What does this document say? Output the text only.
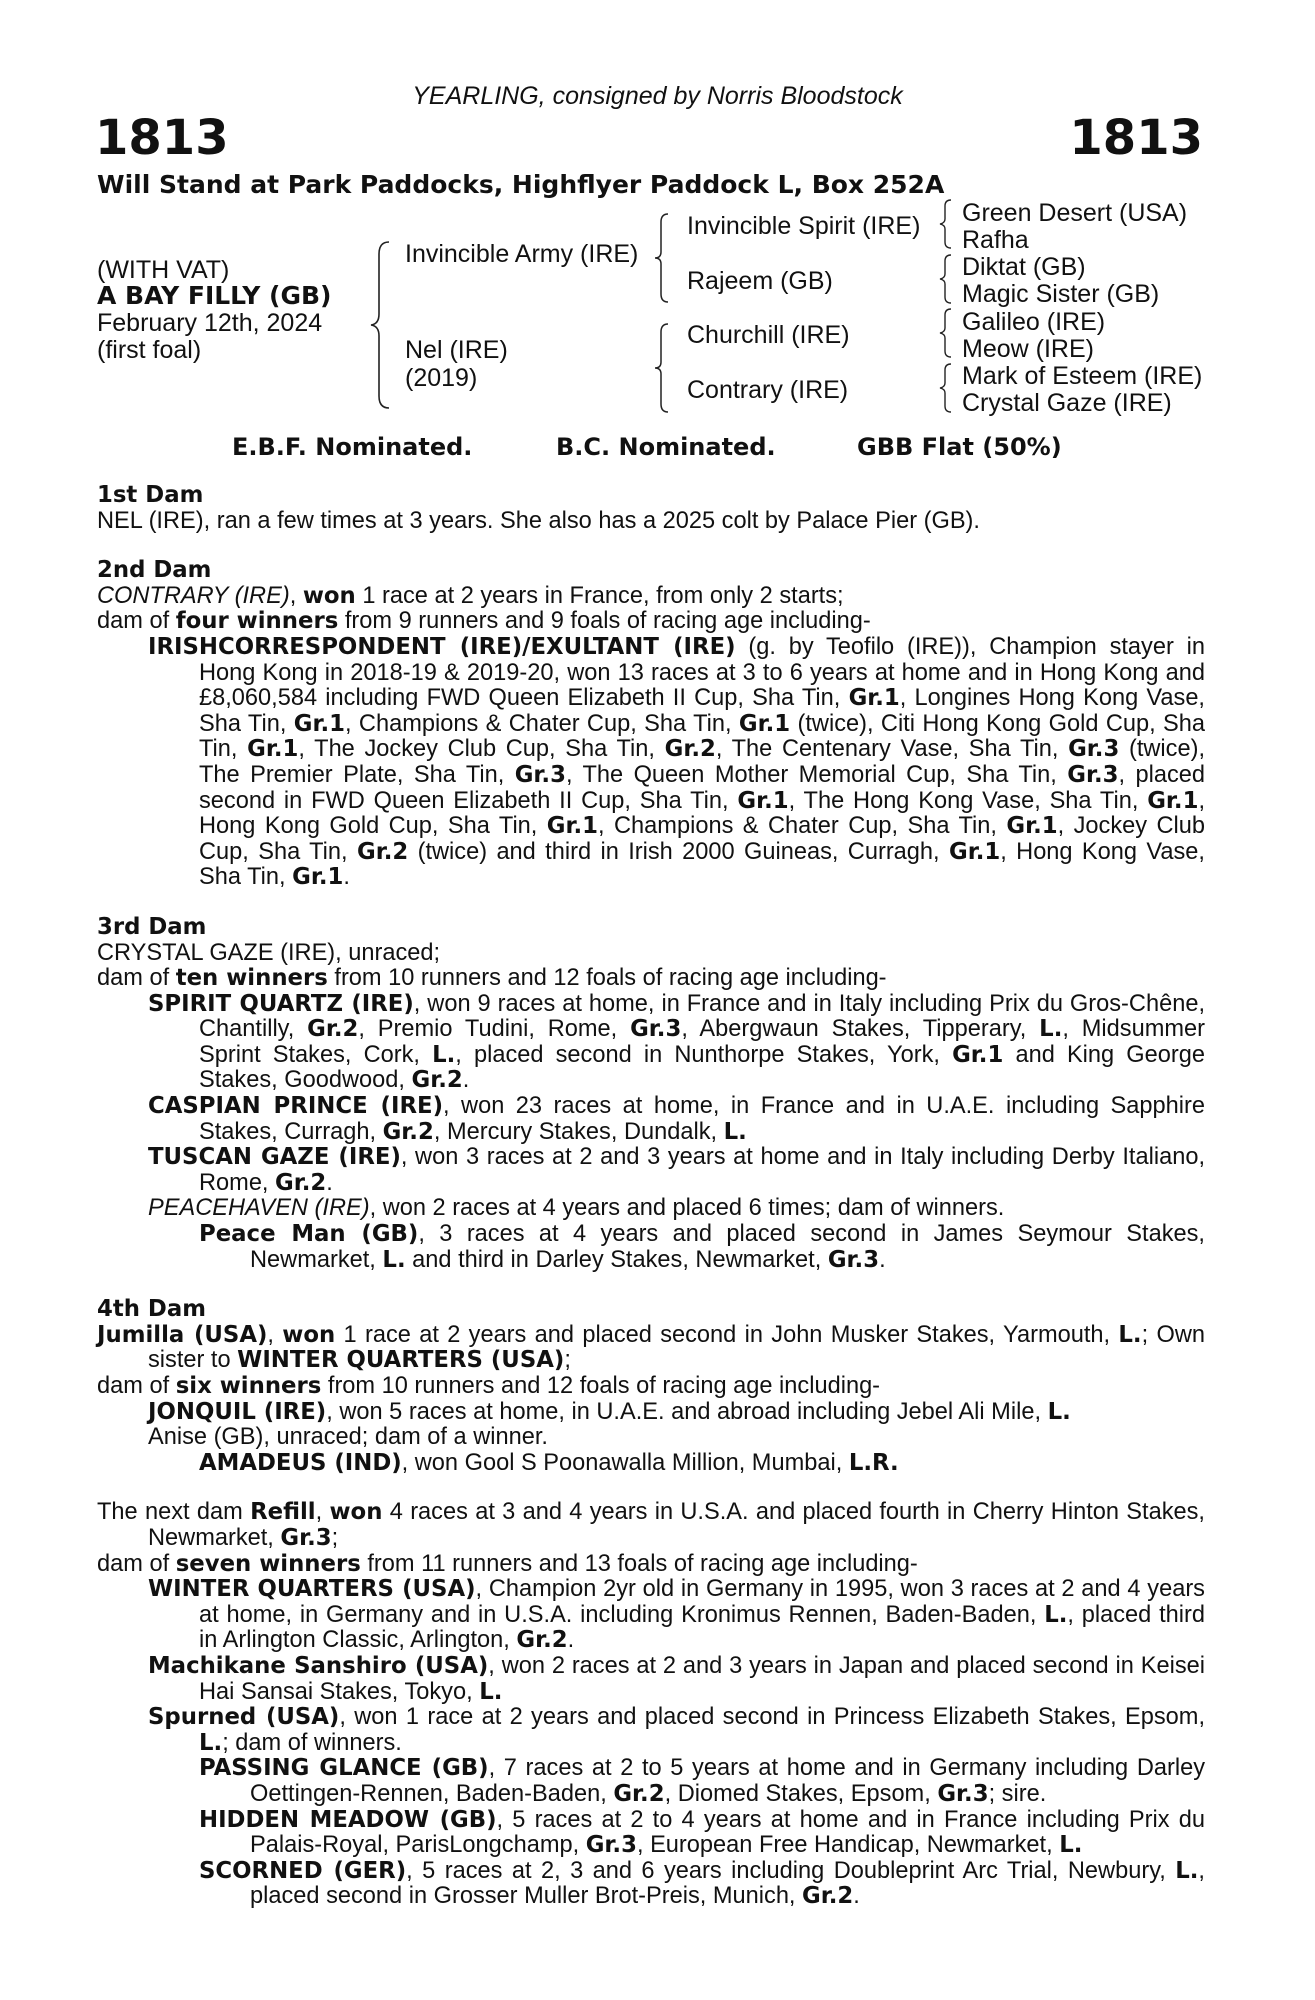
YEARLING, consigned by Norris Bloodstock
1813	1813
Will Stand at Park Paddocks, Highflyer Paddock L, Box 252A
(WITH VAT)
A BAY FILLY (GB)
February 12th, 2024
(first foal)
Invincible Army (IRE)
Nel (IRE)
(2019)
Invincible Spirit (IRE)
Rajeem (GB)
Churchill (IRE)
Contrary (IRE)
Green Desert (USA)
Rafha
Diktat (GB)
Magic Sister (GB)
Galileo (IRE)
Meow (IRE)
Mark of Esteem (IRE)
Crystal Gaze (IRE)
E.B.F. Nominated.	B.C. Nominated.	GBB Flat (50%)

1st Dam

NEL (IRE), ran a few times at 3 years. She also has a 2025 colt by Palace Pier (GB).

2nd Dam

CONTRARY (IRE), won 1 race at 2 years in France, from only 2 starts;

dam of four winners from 9 runners and 9 foals of racing age including-

IRISHCORRESPONDENT (IRE)/EXULTANT (IRE) (g. by Teofilo (IRE)), Champion stayer in Hong Kong in 2018-19 & 2019-20, won 13 races at 3 to 6 years at home and in Hong Kong and £8,060,584 including FWD Queen Elizabeth II Cup, Sha Tin, Gr.1, Longines Hong Kong Vase, Sha Tin, Gr.1, Champions & Chater Cup, Sha Tin, Gr.1 (twice), Citi Hong Kong Gold Cup, Sha Tin, Gr.1, The Jockey Club Cup, Sha Tin, Gr.2, The Centenary Vase, Sha Tin, Gr.3 (twice), The Premier Plate, Sha Tin, Gr.3, The Queen Mother Memorial Cup, Sha Tin, Gr.3, placed second in FWD Queen Elizabeth II Cup, Sha Tin, Gr.1, The Hong Kong Vase, Sha Tin, Gr.1, Hong Kong Gold Cup, Sha Tin, Gr.1, Champions & Chater Cup, Sha Tin, Gr.1, Jockey Club Cup, Sha Tin, Gr.2 (twice) and third in Irish 2000 Guineas, Curragh, Gr.1, Hong Kong Vase, Sha Tin, Gr.1.

3rd Dam

CRYSTAL GAZE (IRE), unraced;

dam of ten winners from 10 runners and 12 foals of racing age including-

SPIRIT QUARTZ (IRE), won 9 races at home, in France and in Italy including Prix du Gros-Chêne, Chantilly, Gr.2, Premio Tudini, Rome, Gr.3, Abergwaun Stakes, Tipperary, L., Midsummer Sprint Stakes, Cork, L., placed second in Nunthorpe Stakes, York, Gr.1 and King George Stakes, Goodwood, Gr.2.

CASPIAN PRINCE (IRE), won 23 races at home, in France and in U.A.E. including Sapphire Stakes, Curragh, Gr.2, Mercury Stakes, Dundalk, L.

TUSCAN GAZE (IRE), won 3 races at 2 and 3 years at home and in Italy including Derby Italiano, Rome, Gr.2.

PEACEHAVEN (IRE), won 2 races at 4 years and placed 6 times; dam of winners.

Peace Man (GB), 3 races at 4 years and placed second in James Seymour Stakes, Newmarket, L. and third in Darley Stakes, Newmarket, Gr.3.

4th Dam

Jumilla (USA), won 1 race at 2 years and placed second in John Musker Stakes, Yarmouth, L.; Own sister to WINTER QUARTERS (USA);

dam of six winners from 10 runners and 12 foals of racing age including-

JONQUIL (IRE), won 5 races at home, in U.A.E. and abroad including Jebel Ali Mile, L.

Anise (GB), unraced; dam of a winner.

AMADEUS (IND), won Gool S Poonawalla Million, Mumbai, L.R.

The next dam Refill, won 4 races at 3 and 4 years in U.S.A. and placed fourth in Cherry Hinton Stakes, Newmarket, Gr.3;

dam of seven winners from 11 runners and 13 foals of racing age including-

WINTER QUARTERS (USA), Champion 2yr old in Germany in 1995, won 3 races at 2 and 4 years at home, in Germany and in U.S.A. including Kronimus Rennen, Baden-Baden, L., placed third in Arlington Classic, Arlington, Gr.2.

Machikane Sanshiro (USA), won 2 races at 2 and 3 years in Japan and placed second in Keisei Hai Sansai Stakes, Tokyo, L.

Spurned (USA), won 1 race at 2 years and placed second in Princess Elizabeth Stakes, Epsom, L.; dam of winners.

PASSING GLANCE (GB), 7 races at 2 to 5 years at home and in Germany including Darley Oettingen-Rennen, Baden-Baden, Gr.2, Diomed Stakes, Epsom, Gr.3; sire.

HIDDEN MEADOW (GB), 5 races at 2 to 4 years at home and in France including Prix du Palais-Royal, ParisLongchamp, Gr.3, European Free Handicap, Newmarket, L.

SCORNED (GER), 5 races at 2, 3 and 6 years including Doubleprint Arc Trial, Newbury, L., placed second in Grosser Muller Brot-Preis, Munich, Gr.2.
